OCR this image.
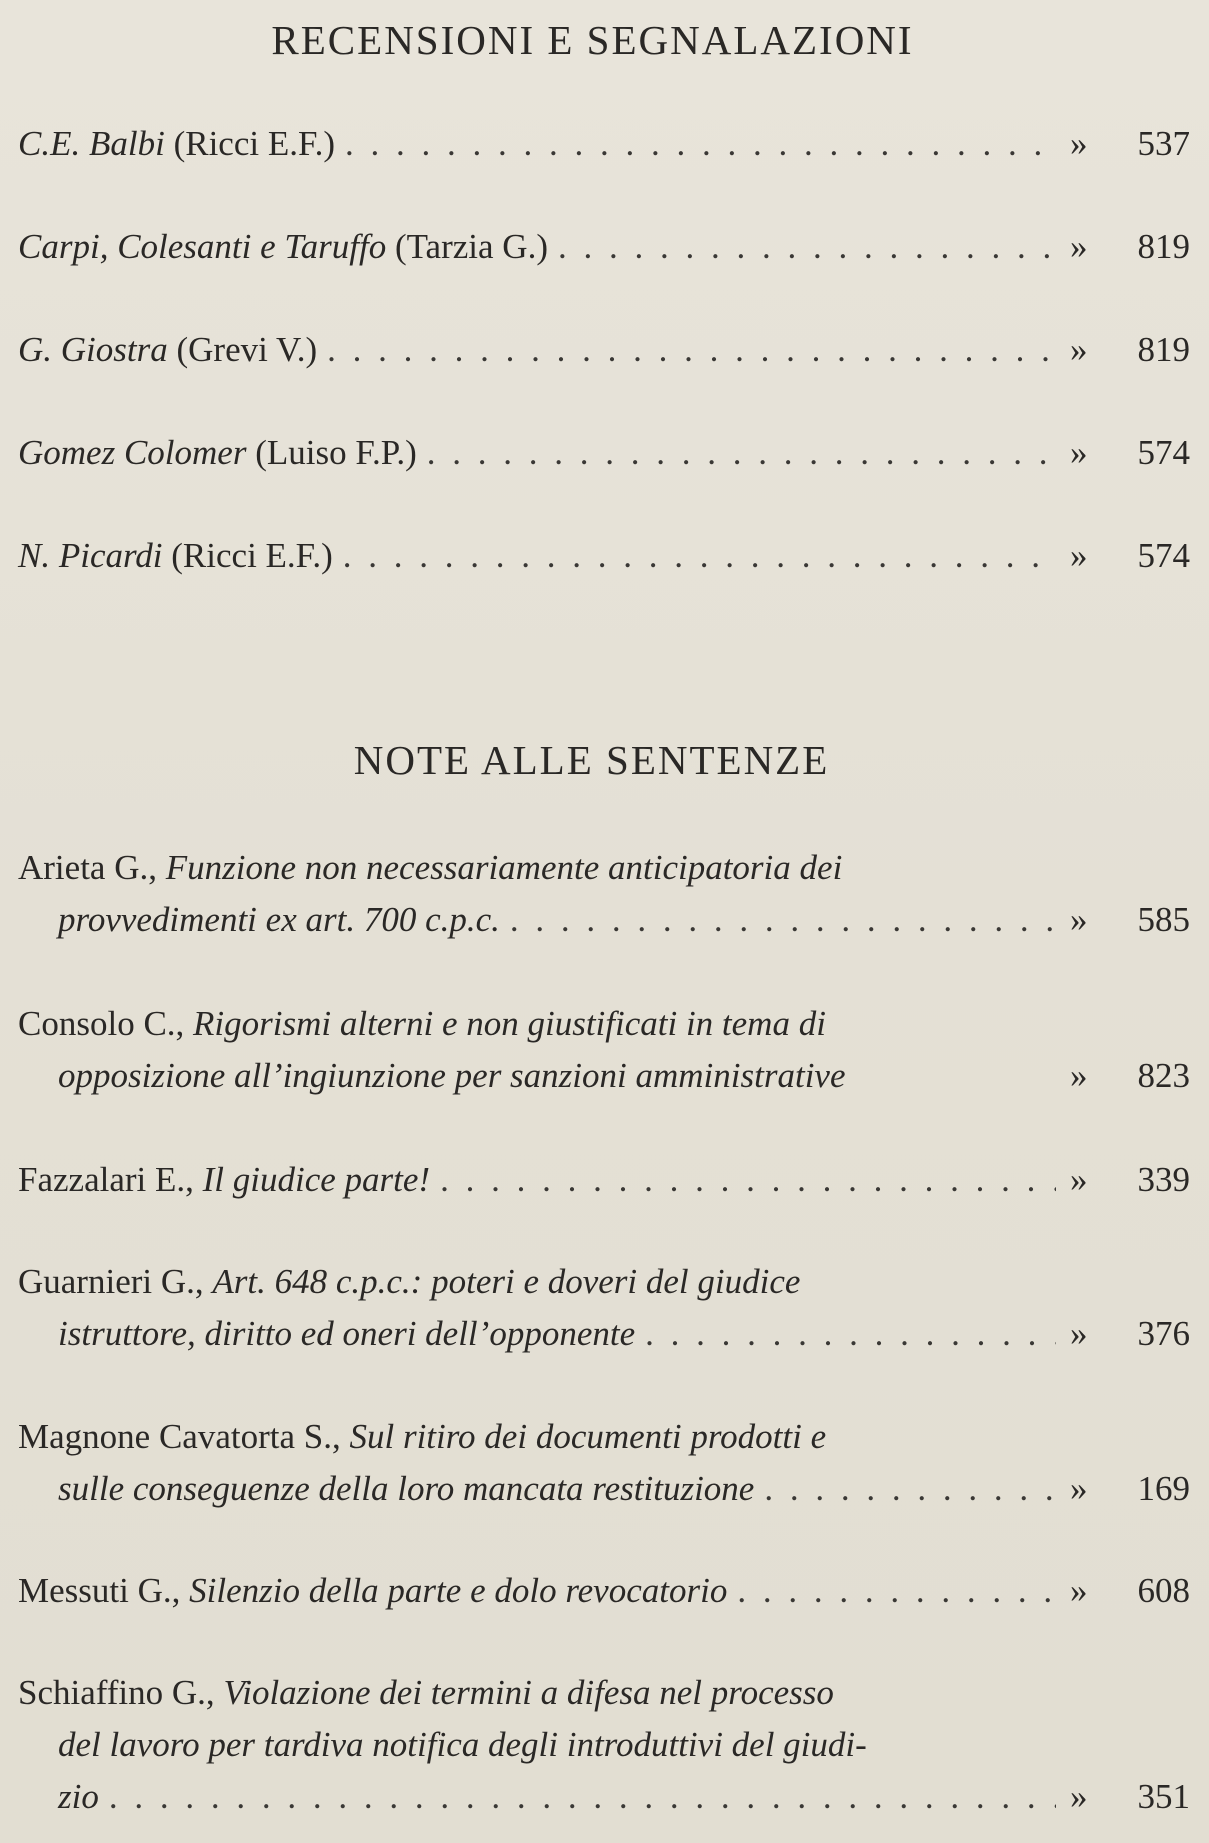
RECENSIONI E SEGNALAZIONI
C.E. Balbi (Ricci E.F.) . . .	»	537
Carpi, Colesanti e Taruffo (Tarzia G.) . . .	»	819
G. Giostra (Grevi V.) . . .	»	819
Gomez Colomer (Luiso F.P.) . . .	»	574
N. Picardi (Ricci E.F.) . . .	»	574
NOTE ALLE SENTENZE
Arieta G., Funzione non necessariamente anticipatoria dei
provvedimenti ex art. 700 c.p.c. . . .	»	585
Consolo C., Rigorismi alterni e non giustificati in tema di
opposizione all’ingiunzione per sanzioni amministrative	»	823
Fazzalari E., Il giudice parte! . . .	»	339
Guarnieri G., Art. 648 c.p.c.: poteri e doveri del giudice
istruttore, diritto ed oneri dell’opponente . . .	»	376
Magnone Cavatorta S., Sul ritiro dei documenti prodotti e
sulle conseguenze della loro mancata restituzione . . .	»	169
Messuti G., Silenzio della parte e dolo revocatorio . . .	»	608
Schiaffino G., Violazione dei termini a difesa nel processo
del lavoro per tardiva notifica degli introduttivi del giudi-
zio . . .	»	351
